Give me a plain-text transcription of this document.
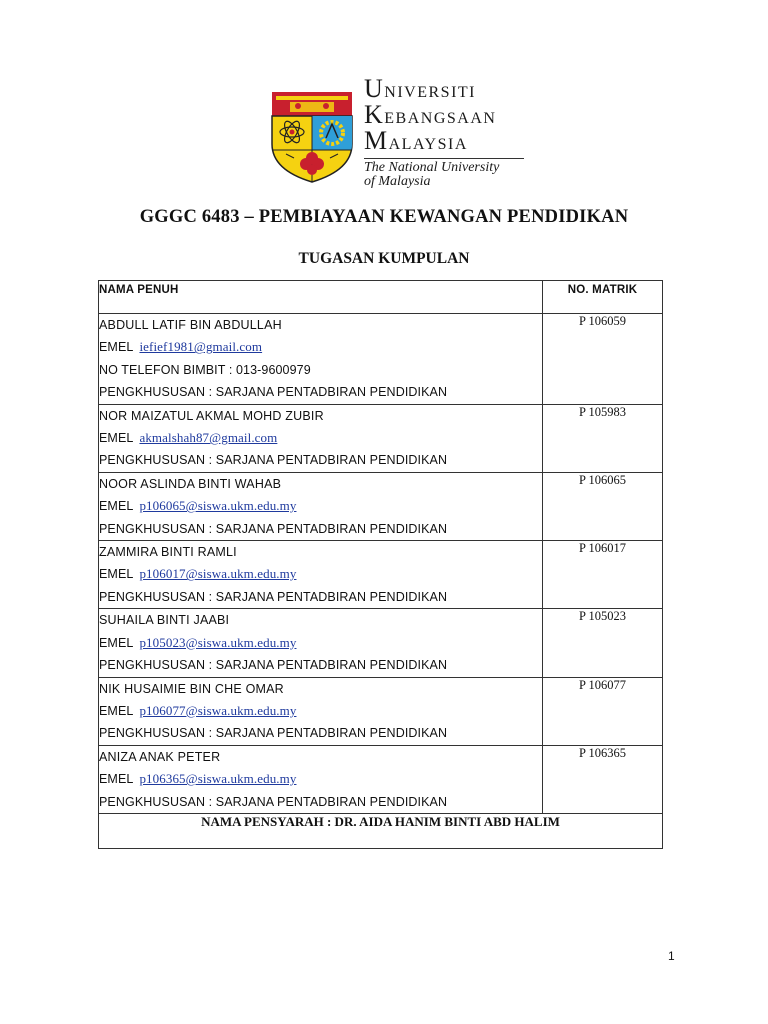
UNIVERSITI
KEBANGSAAN
MALAYSIA
The National University
of Malaysia
GGGC 6483 – PEMBIAYAAN KEWANGAN PENDIDIKAN
TUGASAN KUMPULAN
NAMA PENUH	NO. MATRIK

ABDULL LATIF BIN ABDULLAH
EMEL iefief1981@gmail.com
NO TELEFON BIMBIT : 013-9600979
PENGKHUSUSAN : SARJANA PENTADBIRAN PENDIDIKAN	P 106059

NOR MAIZATUL AKMAL MOHD ZUBIR
EMEL akmalshah87@gmail.com
PENGKHUSUSAN : SARJANA PENTADBIRAN PENDIDIKAN	P 105983

NOOR ASLINDA BINTI WAHAB
EMEL p106065@siswa.ukm.edu.my
PENGKHUSUSAN : SARJANA PENTADBIRAN PENDIDIKAN	P 106065

ZAMMIRA BINTI RAMLI
EMEL p106017@siswa.ukm.edu.my
PENGKHUSUSAN : SARJANA PENTADBIRAN PENDIDIKAN	P 106017

SUHAILA BINTI JAABI
EMEL p105023@siswa.ukm.edu.my
PENGKHUSUSAN : SARJANA PENTADBIRAN PENDIDIKAN	P 105023

NIK HUSAIMIE BIN CHE OMAR
EMEL p106077@siswa.ukm.edu.my
PENGKHUSUSAN : SARJANA PENTADBIRAN PENDIDIKAN	P 106077

ANIZA ANAK PETER
EMEL p106365@siswa.ukm.edu.my
PENGKHUSUSAN : SARJANA PENTADBIRAN PENDIDIKAN	P 106365
NAMA PENSYARAH : DR. AIDA HANIM BINTI ABD HALIM	
1
